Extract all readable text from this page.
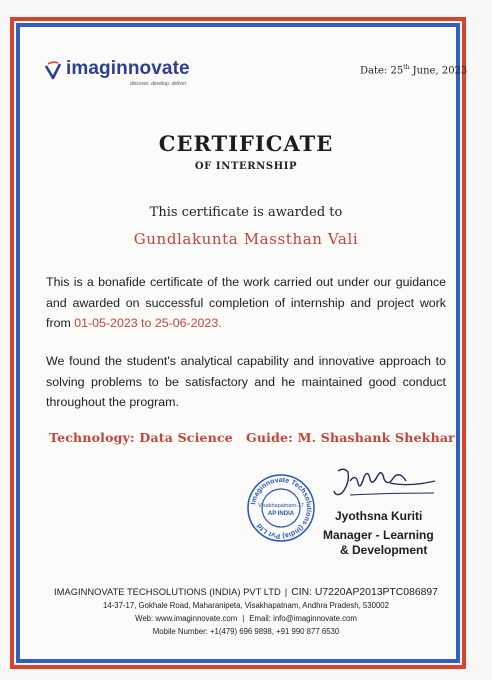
imaginnovate
discover. develop. deliver.
Date: 25th June, 2023
CERTIFICATE
OF INTERNSHIP
This certificate is awarded to
Gundlakunta Massthan Vali
This is a bonafide certificate of the work carried out under our guidance and awarded on successful completion of internship and project work from 01-05-2023 to 25-06-2023.
We found the student's analytical capability and innovative approach to solving problems to be satisfactory and he maintained good conduct throughout the program.
Technology: Data Science Guide: M. Shashank Shekhar
Imaginnovate Techsolutions (India) Pvt Ltd
Visakhapatnam-17
AP INDIA	Jyothsna Kuriti
Manager - Learning
& Development
IMAGINNOVATE TECHSOLUTIONS (INDIA) PVT LTD | CIN: U7220AP2013PTC086897
14-37-17, Gokhale Road, Maharanipeta, Visakhapatnam, Andhra Pradesh, 530002
Web: www.imaginnovate.com | Email: info@imaginnovate.com
Mobile Number: +1(479) 696 9898, +91 990 877 6530
